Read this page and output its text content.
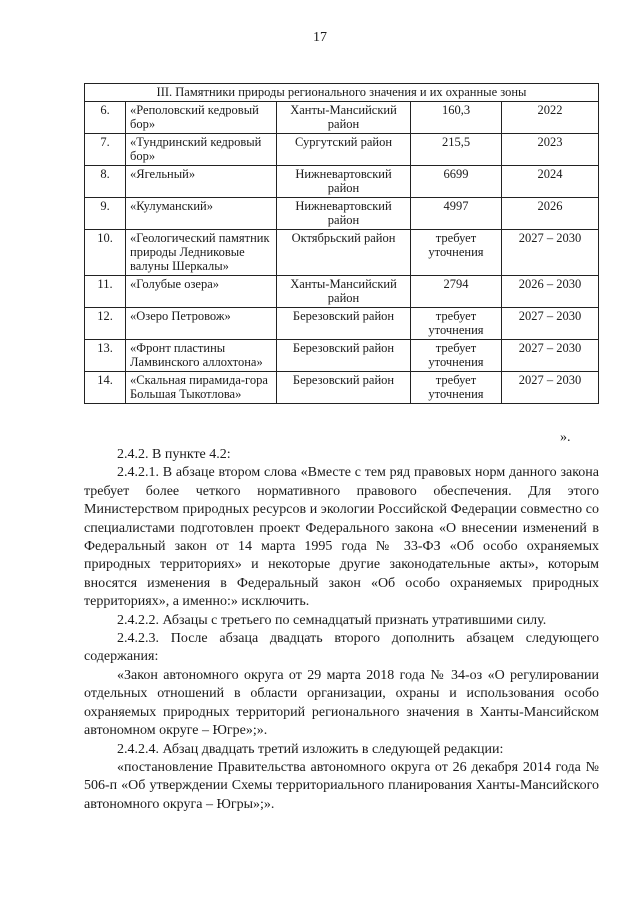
17
III. Памятники природы регионального значения и их охранные зоны				
6.	«Реполовский кедровый бор»	Ханты-Мансийский район	160,3	2022
7.	«Тундринский кедровый бор»	Сургутский район	215,5	2023
8.	«Ягельный»	Нижневартовский район	6699	2024
9.	«Кулуманский»	Нижневартовский район	4997	2026
10.	«Геологический памятник природы Ледниковые валуны Шеркалы»	Октябрьский район	требует уточнения	2027 – 2030
11.	«Голубые озера»	Ханты-Мансийский район	2794	2026 – 2030
12.	«Озеро Петровож»	Березовский район	требует уточнения	2027 – 2030
13.	«Фронт пластины Ламвинского аллохтона»	Березовский район	требует уточнения	2027 – 2030
14.	«Скальная пирамида-гора Большая Тыкотлова»	Березовский район	требует уточнения	2027 – 2030
».

2.4.2. В пункте 4.2:

2.4.2.1. В абзаце втором слова «Вместе с тем ряд правовых норм данного закона требует более четкого нормативного правового обеспечения. Для этого Министерством природных ресурсов и экологии Российской Федерации совместно со специалистами подготовлен проект Федерального закона «О внесении изменений в Федеральный закон от 14 марта 1995 года № 33-ФЗ «Об особо охраняемых природных территориях» и некоторые другие законодательные акты», которым вносятся изменения в Федеральный закон «Об особо охраняемых природных территориях», а именно:» исключить.

2.4.2.2. Абзацы с третьего по семнадцатый признать утратившими силу.

2.4.2.3. После абзаца двадцать второго дополнить абзацем следующего содержания:

«Закон автономного округа от 29 марта 2018 года № 34-оз «О регулировании отдельных отношений в области организации, охраны и использования особо охраняемых природных территорий регионального значения в Ханты-Мансийском автономном округе – Югре»;».

2.4.2.4. Абзац двадцать третий изложить в следующей редакции:

«постановление Правительства автономного округа от 26 декабря 2014 года № 506-п «Об утверждении Схемы территориального планирования Ханты-Мансийского автономного округа – Югры»;».
